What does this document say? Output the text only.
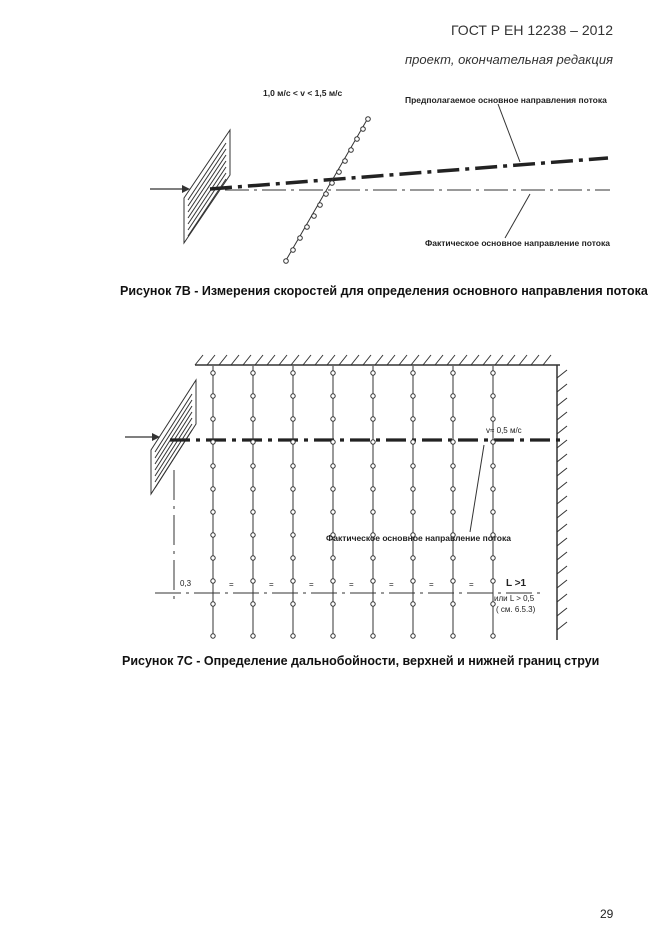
ГОСТ Р ЕН 12238 – 2012
проект, окончательная редакция
1,0 м/с < v < 1,5 м/с
Предполагаемое основное направления потока
Фактическое основное направление потока
Рисунок 7В - Измерения скоростей для определения основного направления потока
v≈ 0,5 м/с
Фактическое основное направление потока
0,3	=	=	=	=	=	=	=	L >1
или L > 0,5
( см. 6.5.3)
Рисунок 7С - Определение дальнобойности, верхней и нижней границ струи
29
